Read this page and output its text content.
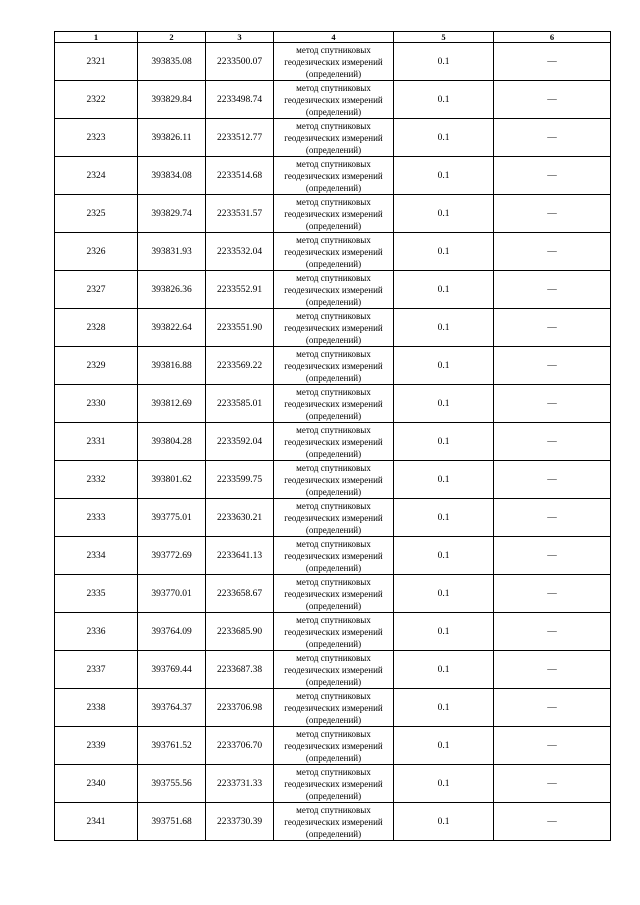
1	2	3	4	5	6
2321	393835.08	2233500.07	метод спутниковых
геодезических измерений
(определений)	0.1	—
2322	393829.84	2233498.74	метод спутниковых
геодезических измерений
(определений)	0.1	—
2323	393826.11	2233512.77	метод спутниковых
геодезических измерений
(определений)	0.1	—
2324	393834.08	2233514.68	метод спутниковых
геодезических измерений
(определений)	0.1	—
2325	393829.74	2233531.57	метод спутниковых
геодезических измерений
(определений)	0.1	—
2326	393831.93	2233532.04	метод спутниковых
геодезических измерений
(определений)	0.1	—
2327	393826.36	2233552.91	метод спутниковых
геодезических измерений
(определений)	0.1	—
2328	393822.64	2233551.90	метод спутниковых
геодезических измерений
(определений)	0.1	—
2329	393816.88	2233569.22	метод спутниковых
геодезических измерений
(определений)	0.1	—
2330	393812.69	2233585.01	метод спутниковых
геодезических измерений
(определений)	0.1	—
2331	393804.28	2233592.04	метод спутниковых
геодезических измерений
(определений)	0.1	—
2332	393801.62	2233599.75	метод спутниковых
геодезических измерений
(определений)	0.1	—
2333	393775.01	2233630.21	метод спутниковых
геодезических измерений
(определений)	0.1	—
2334	393772.69	2233641.13	метод спутниковых
геодезических измерений
(определений)	0.1	—
2335	393770.01	2233658.67	метод спутниковых
геодезических измерений
(определений)	0.1	—
2336	393764.09	2233685.90	метод спутниковых
геодезических измерений
(определений)	0.1	—
2337	393769.44	2233687.38	метод спутниковых
геодезических измерений
(определений)	0.1	—
2338	393764.37	2233706.98	метод спутниковых
геодезических измерений
(определений)	0.1	—
2339	393761.52	2233706.70	метод спутниковых
геодезических измерений
(определений)	0.1	—
2340	393755.56	2233731.33	метод спутниковых
геодезических измерений
(определений)	0.1	—
2341	393751.68	2233730.39	метод спутниковых
геодезических измерений
(определений)	0.1	—
